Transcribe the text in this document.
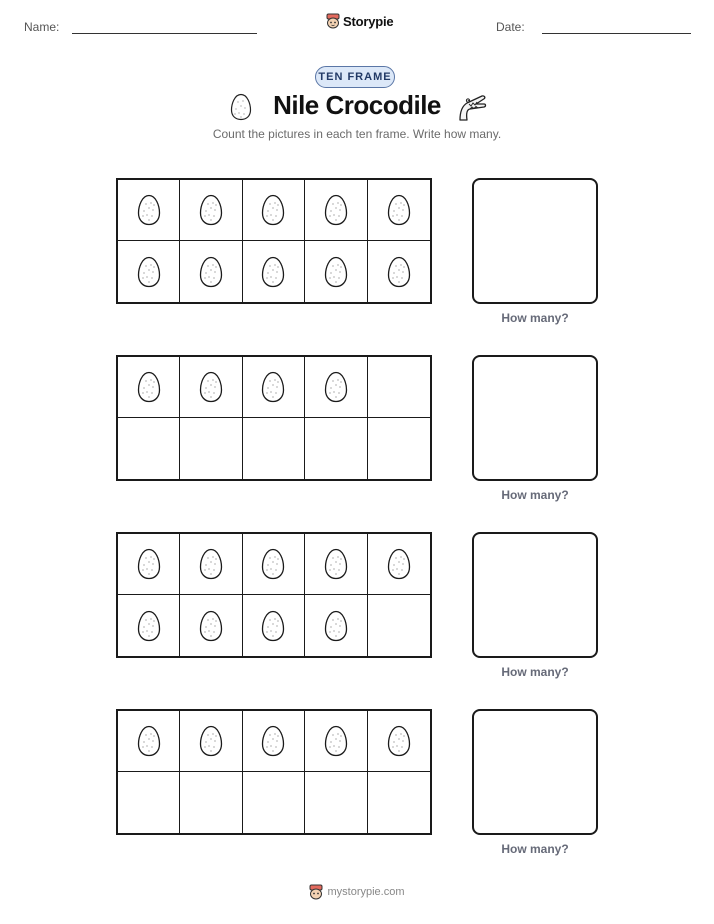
Name:	Storypie	Date:
TEN FRAME
Nile Crocodile
Count the pictures in each ten frame. Write how many.
How many?
How many?
How many?
How many?
mystorypie.com
